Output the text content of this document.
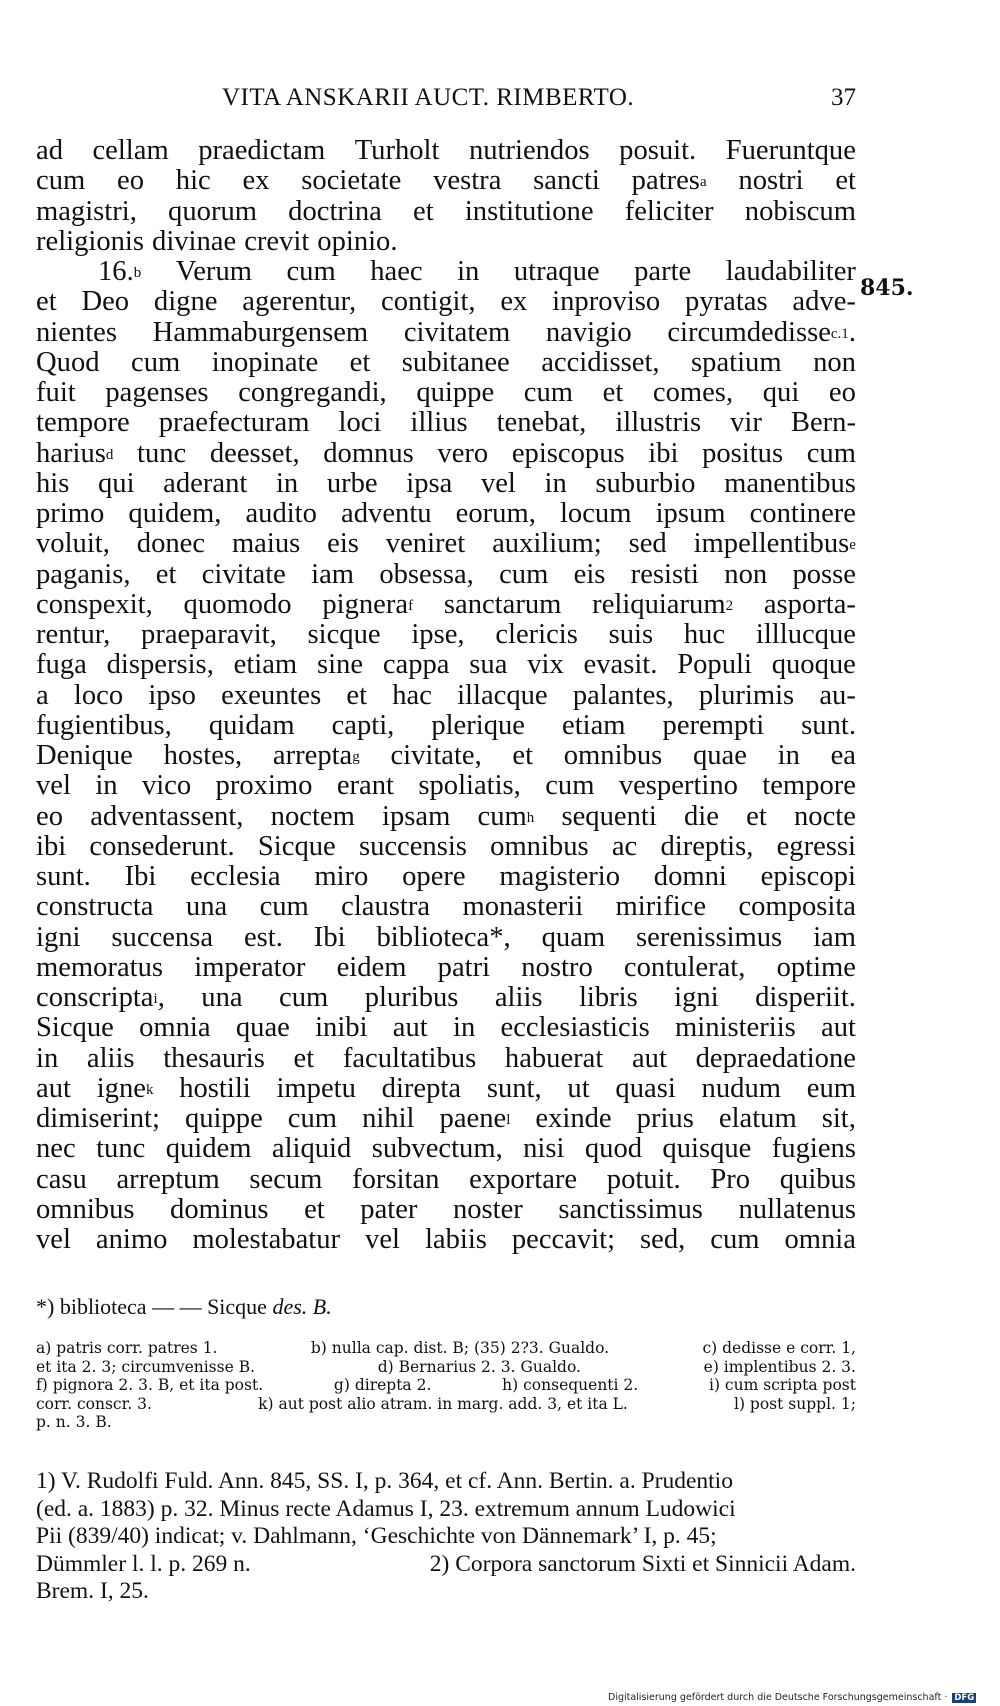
VITA ANSKARII AUCT. RIMBERTO.	37
845.
ad cellam praedictam Turholt nutriendos posuit. Fueruntque
cum eo hic ex societate vestra sancti patres$^a$ nostri et
magistri, quorum doctrina et institutione feliciter nobiscum
religionis divinae crevit opinio.
16.$^b$ Verum cum haec in utraque parte laudabiliter
et Deo digne agerentur, contigit, ex inproviso pyratas adve-
nientes Hammaburgensem civitatem navigio circumdedisse$^{c.1}$.
Quod cum inopinate et subitanee accidisset, spatium non
fuit pagenses congregandi, quippe cum et comes, qui eo
tempore praefecturam loci illius tenebat, illustris vir Bern-
harius$^d$ tunc deesset, domnus vero episcopus ibi positus cum
his qui aderant in urbe ipsa vel in suburbio manentibus
primo quidem, audito adventu eorum, locum ipsum continere
voluit, donec maius eis veniret auxilium; sed impellentibus$^e$
paganis, et civitate iam obsessa, cum eis resisti non posse
conspexit, quomodo pignera$^f$ sanctarum reliquiarum$^2$ asporta-
rentur, praeparavit, sicque ipse, clericis suis huc illlucque
fuga dispersis, etiam sine cappa sua vix evasit. Populi quoque
a loco ipso exeuntes et hac illacque palantes, plurimis au-
fugientibus, quidam capti, plerique etiam perempti sunt.
Denique hostes, arrepta$^g$ civitate, et omnibus quae in ea
vel in vico proximo erant spoliatis, cum vespertino tempore
eo adventassent, noctem ipsam cum$^h$ sequenti die et nocte
ibi consederunt. Sicque succensis omnibus ac direptis, egressi
sunt. Ibi ecclesia miro opere magisterio domni episcopi
constructa una cum claustra monasterii mirifice composita
igni succensa est. Ibi biblioteca*, quam serenissimus iam
memoratus imperator eidem patri nostro contulerat, optime
conscripta$^i$, una cum pluribus aliis libris igni disperiit.
Sicque omnia quae inibi aut in ecclesiasticis ministeriis aut
in aliis thesauris et facultatibus habuerat aut depraedatione
aut igne$^k$ hostili impetu direpta sunt, ut quasi nudum eum
dimiserint; quippe cum nihil paene$^l$ exinde prius elatum sit,
nec tunc quidem aliquid subvectum, nisi quod quisque fugiens
casu arreptum secum forsitan exportare potuit. Pro quibus
omnibus dominus et pater noster sanctissimus nullatenus
vel animo molestabatur vel labiis peccavit; sed, cum omnia
*) biblioteca — — Sicque des. B.
a) patris corr. patres 1.	b) nulla cap. dist. B; (35) 2?3. Gualdo.	c) dedisse e corr. 1,
et ita 2. 3; circumvenisse B.	d) Bernarius 2. 3. Gualdo.	e) implentibus 2. 3.
f) pignora 2. 3. B, et ita post.	g) direpta 2.	h) consequenti 2.	i) cum scripta post
corr. conscr. 3.	k) aut post alio atram. in marg. add. 3, et ita L.	l) post suppl. 1;
p. n. 3. B.
1) V. Rudolfi Fuld. Ann. 845, SS. I, p. 364, et cf. Ann. Bertin. a. Prudentio
(ed. a. 1883) p. 32. Minus recte Adamus I, 23. extremum annum Ludowici
Pii (839/40) indicat; v. Dahlmann, ‘Geschichte von Dännemark’ I, p. 45;
Dümmler l. l. p. 269 n.	2) Corpora sanctorum Sixti et Sinnicii Adam.
Brem. I, 25.
Digitalisierung gefördert durch die Deutsche Forschungsgemeinschaft · DFG
